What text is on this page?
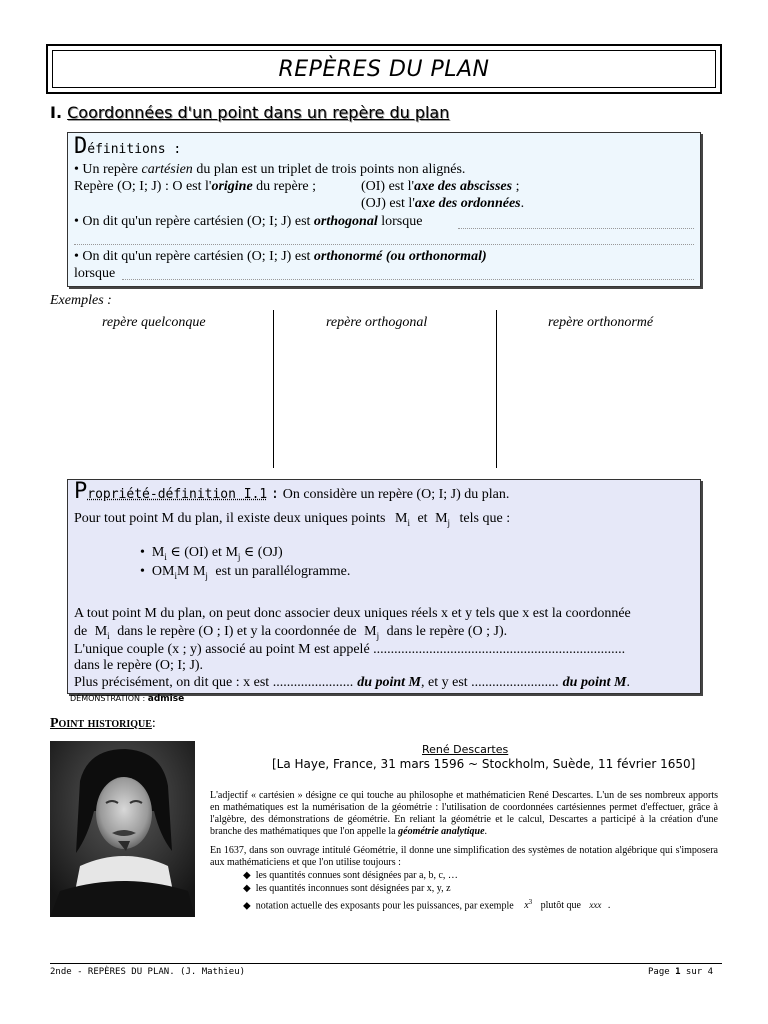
REPÈRES DU PLAN
I. Coordonnées d'un point dans un repère du plan
Définitions :
• Un repère cartésien du plan est un triplet de trois points non alignés.
Repère (O; I; J) : O est l'origine du repère ;	(OI) est l'axe des abscisses ;
(OJ) est l'axe des ordonnées.
• On dit qu'un repère cartésien (O; I; J) est orthogonal lorsque
• On dit qu'un repère cartésien (O; I; J) est orthonormé (ou orthonormal)
lorsque
Exemples :
repère quelconque	repère orthogonal	repère orthonormé
Propriété-définition I.1 : On considère un repère (O; I; J) du plan.
Pour tout point M du plan, il existe deux uniques points $M_i$ et $M_j$ tels que :
•  $M_i$ ∈ (OI) et $M_j$ ∈ (OJ)
•  $OM_iM$ $M_j$ est un parallélogramme.
A tout point M du plan, on peut donc associer deux uniques réels x et y tels que x est la coordonnée
de $M_i$ dans le repère (O ; I) et y la coordonnée de $M_j$ dans le repère (O ; J).
L'unique couple (x ; y) associé au point M est appelé ........................................................................
dans le repère (O; I; J).
Plus précisément, on dit que : x est ....................... du point M, et y est ......................... du point M.
DÉMONSTRATION : admise
Point historique:
René Descartes
[La Haye, France, 31 mars 1596 ~ Stockholm, Suède, 11 février 1650]
L'adjectif « cartésien » désigne ce qui touche au philosophe et mathématicien René Descartes. L'un de ses nombreux apports en mathématiques est la numérisation de la géométrie : l'utilisation de coordonnées cartésiennes permet d'effectuer, grâce à l'algèbre, des démonstrations de géométrie. En reliant la géométrie et le calcul, Descartes a participé à la création d'une branche des mathématiques que l'on appelle la géométrie analytique.
En 1637, dans son ouvrage intitulé Géométrie, il donne une simplification des systèmes de notation algébrique qui s'imposera aux mathématiciens et que l'on utilise toujours :
◆  les quantités connues sont désignées par a, b, c, …
◆  les quantités inconnues sont désignées par x, y, z
◆  notation actuelle des exposants pour les puissances, par exemple $x^3$ plutôt que xxx .
2nde - REPÈRES DU PLAN. (J. Mathieu)	Page 1 sur 4
